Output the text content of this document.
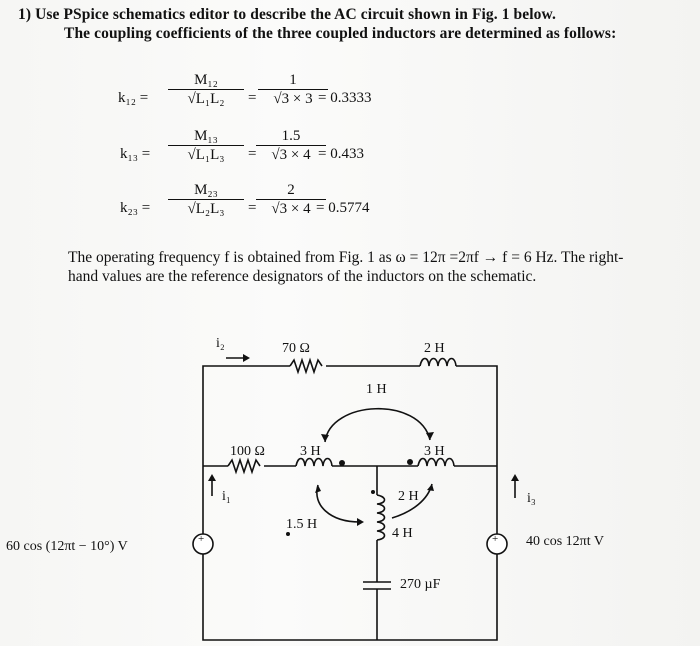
1) Use PSpice schematics editor to describe the AC circuit shown in Fig. 1 below.
The coupling coefficients of the three coupled inductors are determined as follows:
$k_{12} = \frac{\text{M₁₂}}{\text{√L₁L₂}} = \frac{1}{√3 \times 3}$
= 0.3333
$k_{13} = \frac{\text{M₁₃}}{\text{√L₁L₃}} = \frac{1.5}{√3 \times 4}$
= 0.433
$k_{23} = \frac{\text{M₂₃}}{\text{√L₂L₃}} = \frac{2}{√3 \times 4}$
= 0.5774
The operating frequency f is obtained from Fig. 1 as ω = 12π =2πf → f = 6 Hz. The right-
hand values are the reference designators of the inductors on the schematic.
i₂	70 Ω	2 H
1 H
100 Ω	3 H	3 H
i₁	2 H	i₃
1.5 H
4 H
270 µF
60 cos (12πt − 10°) V	40 cos 12πt V
+	+
